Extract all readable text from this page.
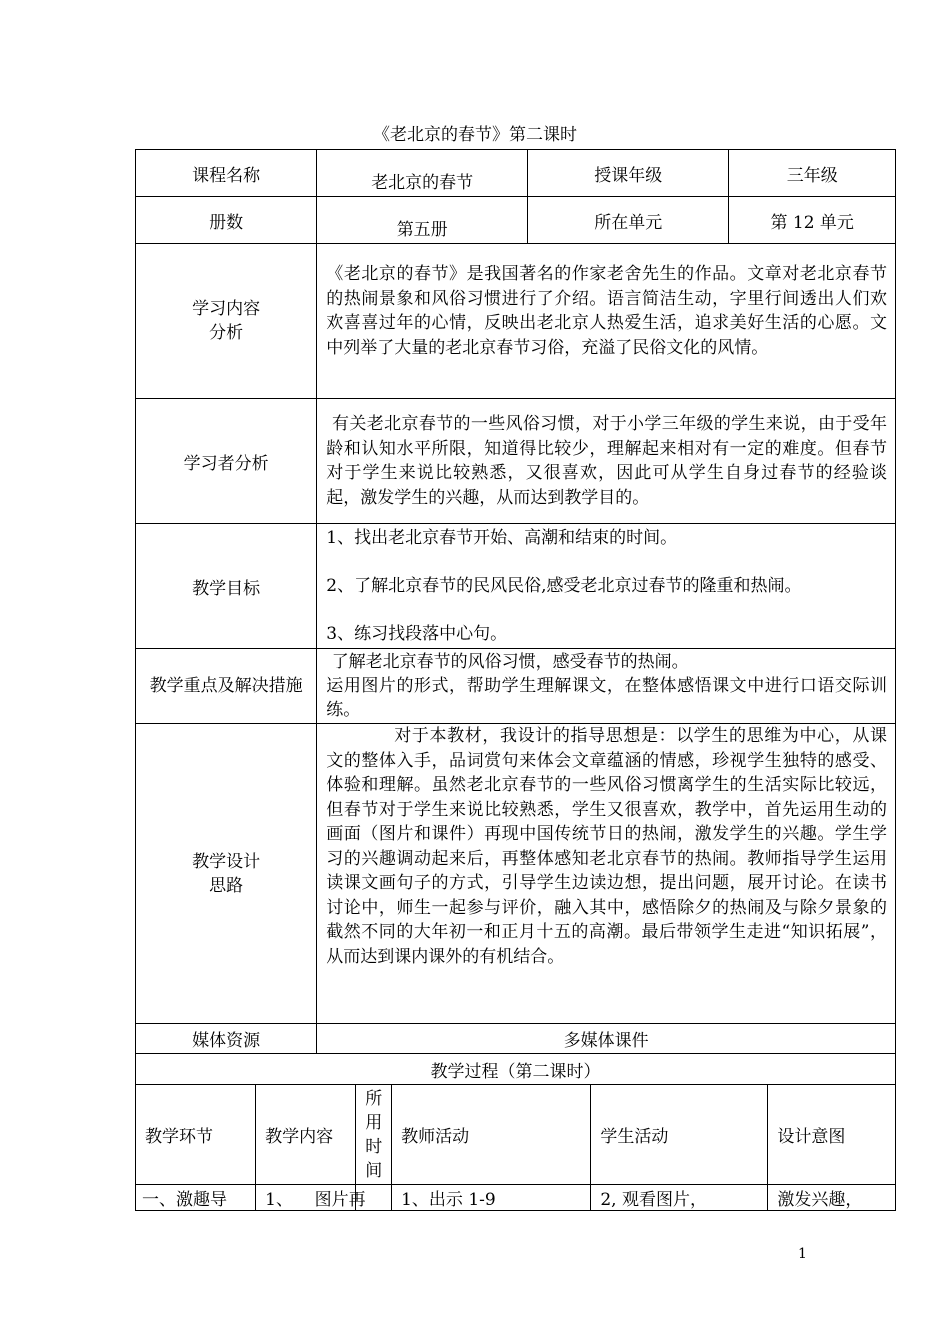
《老北京的春节》第二课时
课程名称		老北京的春节			授课年级		三年级	
册数		第五册			所在单元		第 12 单元	

学习内容
分析		《老北京的春节》是我国著名的作家老舍先生的作品。文章对老北京春节的热闹景象和风俗习惯进行了介绍。语言简洁生动，字里行间透出人们欢欢喜喜过年的心情，反映出老北京人热爱生活，追求美好生活的心愿。文中列举了大量的老北京春节习俗，充溢了民俗文化的风情。						
学习者分析		有关老北京春节的一些风俗习惯，对于小学三年级的学生来说，由于受年龄和认知水平所限，知道得比较少，理解起来相对有一定的难度。但春节对于学生来说比较熟悉，又很喜欢，因此可从学生自身过春节的经验谈起，激发学生的兴趣，从而达到教学目的。						
教学目标		1、找出老北京春节开始、高潮和结束的时间。

2、了解北京春节的民风民俗,感受老北京过春节的隆重和热闹。

3、练习找段落中心句。						

教学重点及解决措施		了解老北京春节的风俗习惯，感受春节的热闹。

运用图片的形式，帮助学生理解课文，在整体感悟课文中进行口语交际训练。						

教学设计
思路		对于本教材，我设计的指导思想是：以学生的思维为中心，从课文的整体入手，品词赏句来体会文章蕴涵的情感，珍视学生独特的感受、体验和理解。虽然老北京春节的一些风俗习惯离学生的生活实际比较远，但春节对于学生来说比较熟悉，学生又很喜欢，教学中，首先运用生动的画面（图片和课件）再现中国传统节日的热闹，激发学生的兴趣。学生学习的兴趣调动起来后，再整体感知老北京春节的热闹。教师指导学生运用读课文画句子的方式，引导学生边读边想，提出问题，展开讨论。在读书讨论中，师生一起参与评价，融入其中，感悟除夕的热闹及与除夕景象的截然不同的大年初一和正月十五的高潮。最后带领学生走进“知识拓展”，从而达到课内课外的有机结合。						
媒体资源		多媒体课件						
教学过程（第二课时）								
教学环节	教学内容		所
用
时
间	教师活动		学生活动		设计意图
一、激趣导	1、    图片再			1、出示 1-9		2, 观看图片，		激发兴趣，
1
